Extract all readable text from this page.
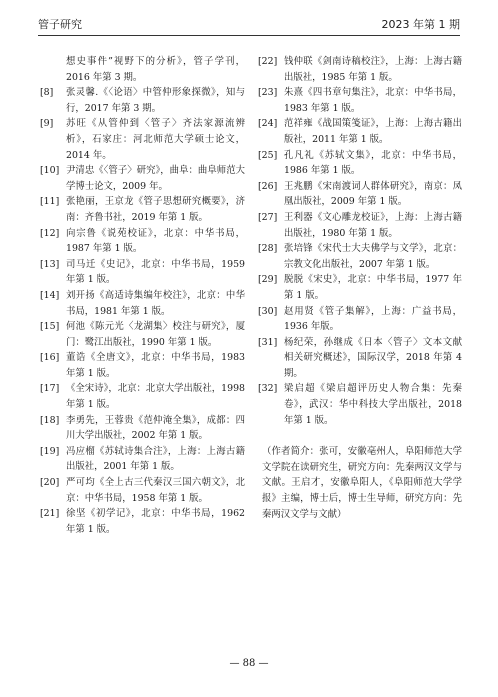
管子研究	2023 年第 1 期
想史事件”视野下的分析》，管子学刊，2016 年第 3 期。
[8]	张灵馨.《〈论语〉中管仲形象探微》，知与行，2017 年第 3 期。
[9]	苏旺《从管仲到〈管子〉齐法家源流辨析》，石家庄：河北师范大学硕士论文，2014 年。
[10] 尹清忠《〈管子〉研究》，曲阜：曲阜师范大学博士论文，2009 年。
[11] 张艳丽，王京龙《管子思想研究概要》，济南：齐鲁书社，2019 年第 1 版。
[12] 向宗鲁《说苑校证》，北京：中华书局，1987 年第 1 版。
[13] 司马迁《史记》，北京：中华书局，1959 年第 1 版。
[14] 刘开扬《高适诗集编年校注》，北京：中华书局，1981 年第 1 版。
[15] 何池《陈元光〈龙湖集〉校注与研究》，厦门：鹭江出版社，1990 年第 1 版。
[16] 董诰《全唐文》，北京：中华书局，1983 年第 1 版。
[17] 《全宋诗》，北京：北京大学出版社，1998 年第 1 版。
[18] 李勇先，王蓉贵《范仲淹全集》，成都：四川大学出版社，2002 年第 1 版。
[19] 冯应榴《苏轼诗集合注》，上海：上海古籍出版社，2001 年第 1 版。
[20] 严可均《全上古三代秦汉三国六朝文》，北京：中华书局，1958 年第 1 版。
[21] 徐坚《初学记》，北京：中华书局，1962 年第 1 版。
[22] 钱仲联《剑南诗稿校注》，上海：上海古籍出版社，1985 年第 1 版。
[23] 朱熹《四书章句集注》，北京：中华书局，1983 年第 1 版。
[24] 范祥雍《战国策笺证》，上海：上海古籍出版社，2011 年第 1 版。
[25] 孔凡礼《苏轼文集》，北京：中华书局，1986 年第 1 版。
[26] 王兆鹏《宋南渡词人群体研究》，南京：凤凰出版社，2009 年第 1 版。
[27] 王利器《文心雕龙校证》，上海：上海古籍出版社，1980 年第 1 版。
[28] 张培锋《宋代士大夫佛学与文学》，北京：宗教文化出版社，2007 年第 1 版。
[29] 脱脱《宋史》，北京：中华书局，1977 年第 1 版。
[30] 赵用贤《管子集解》，上海：广益书局，1936 年版。
[31] 杨纪荣，孙继成《日本〈管子〉文本文献相关研究概述》，国际汉学，2018 年第 4 期。
[32] 梁启超《梁启超评历史人物合集：先秦卷》，武汉：华中科技大学出版社，2018 年第 1 版。
（作者简介：张可，安徽亳州人，阜阳师范大学文学院在读研究生，研究方向：先秦两汉文学与文献。王启才，安徽阜阳人，《阜阳师范大学学报》主编，博士后，博士生导师，研究方向：先秦两汉文学与文献）
— 88 —
